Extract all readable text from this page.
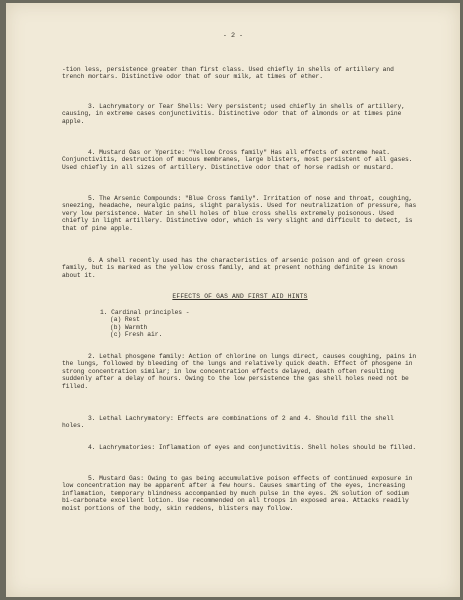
- 2 -

-tion less, persistence greater than first class. Used chiefly in shells of artillery and trench mortars. Distinctive odor that of sour milk, at times of ether.

3. Lachrymatory or Tear Shells: Very persistent; used chiefly in shells of artillery, causing, in extreme cases conjunctivitis. Distinctive odor that of almonds or at times pine apple.

4. Mustard Gas or Yperite: "Yellow Cross family" Has all effects of extreme heat. Conjunctivitis, destruction of mucous membranes, large blisters, most persistent of all gases. Used chiefly in all sizes of artillery. Distinctive odor that of horse radish or mustard.

5. The Arsenic Compounds: "Blue Cross family". Irritation of nose and throat, coughing, sneezing, headache, neuralgic pains, slight paralysis. Used for neutralization of pressure, has very low persistence. Water in shell holes of blue cross shells extremely poisonous. Used chiefly in light artillery. Distinctive odor, which is very slight and difficult to detect, is that of pine apple.

6. A shell recently used has the characteristics of arsenic poison and of green cross family, but is marked as the yellow cross family, and at present nothing definite is known about it.

EFFECTS OF GAS AND FIRST AID HINTS

1. Cardinal principles -

(a) Rest

(b) Warmth

(c) Fresh air.

2. Lethal phosgene family: Action of chlorine on lungs direct, causes coughing, pains in the lungs, followed by bleeding of the lungs and relatively quick death. Effect of phosgene in strong concentration similar; in low concentration effects delayed, death often resulting suddenly after a delay of hours. Owing to the low persistence the gas shell holes need not be filled.

3. Lethal Lachrymatory: Effects are combinations of 2 and 4. Should fill the shell holes.

4. Lachrymatories: Inflamation of eyes and conjunctivitis. Shell holes should be filled.

5. Mustard Gas: Owing to gas being accumulative poison effects of continued exposure in low concentration may be apparent after a few hours. Causes smarting of the eyes, increasing inflamation, temporary blindness accompanied by much pulse in the eyes. 2% solution of sodium bi-carbonate excellent lotion. Use recommended on all troops in exposed area. Attacks readily moist portions of the body, skin reddens, blisters may follow.
